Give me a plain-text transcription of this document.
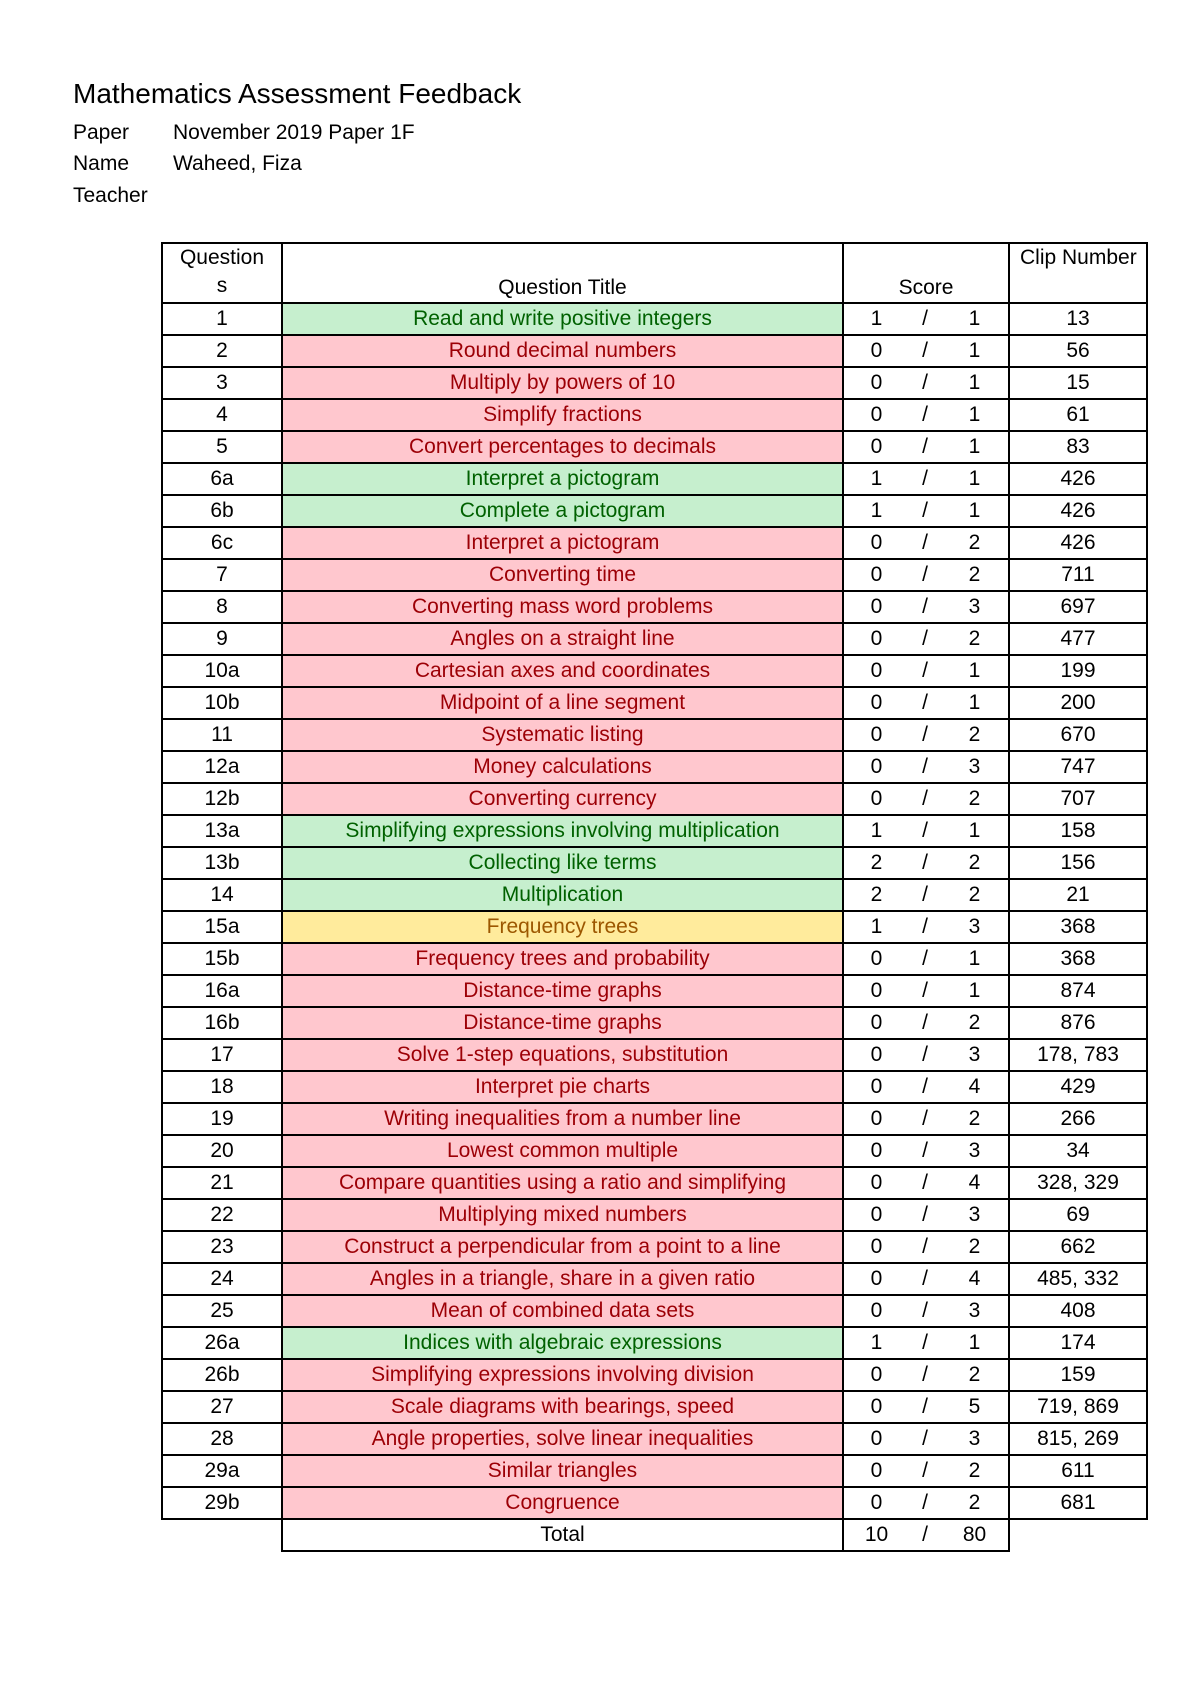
Mathematics Assessment Feedback
Paper	November 2019 Paper 1F
Name	Waheed, Fiza
Teacher
Question s	Question Title	Score			Clip Number
1	Read and write positive integers	1	/	1	13
2	Round decimal numbers	0	/	1	56
3	Multiply by powers of 10	0	/	1	15
4	Simplify fractions	0	/	1	61
5	Convert percentages to decimals	0	/	1	83
6a	Interpret a pictogram	1	/	1	426
6b	Complete a pictogram	1	/	1	426
6c	Interpret a pictogram	0	/	2	426
7	Converting time	0	/	2	711
8	Converting mass word problems	0	/	3	697
9	Angles on a straight line	0	/	2	477
10a	Cartesian axes and coordinates	0	/	1	199
10b	Midpoint of a line segment	0	/	1	200
11	Systematic listing	0	/	2	670
12a	Money calculations	0	/	3	747
12b	Converting currency	0	/	2	707
13a	Simplifying expressions involving multiplication	1	/	1	158
13b	Collecting like terms	2	/	2	156
14	Multiplication	2	/	2	21
15a	Frequency trees	1	/	3	368
15b	Frequency trees and probability	0	/	1	368
16a	Distance-time graphs	0	/	1	874
16b	Distance-time graphs	0	/	2	876
17	Solve 1-step equations, substitution	0	/	3	178, 783
18	Interpret pie charts	0	/	4	429
19	Writing inequalities from a number line	0	/	2	266
20	Lowest common multiple	0	/	3	34
21	Compare quantities using a ratio and simplifying	0	/	4	328, 329
22	Multiplying mixed numbers	0	/	3	69
23	Construct a perpendicular from a point to a line	0	/	2	662
24	Angles in a triangle, share in a given ratio	0	/	4	485, 332
25	Mean of combined data sets	0	/	3	408
26a	Indices with algebraic expressions	1	/	1	174
26b	Simplifying expressions involving division	0	/	2	159
27	Scale diagrams with bearings, speed	0	/	5	719, 869
28	Angle properties, solve linear inequalities	0	/	3	815, 269
29a	Similar triangles	0	/	2	611
29b	Congruence	0	/	2	681
	Total	10	/	80	
